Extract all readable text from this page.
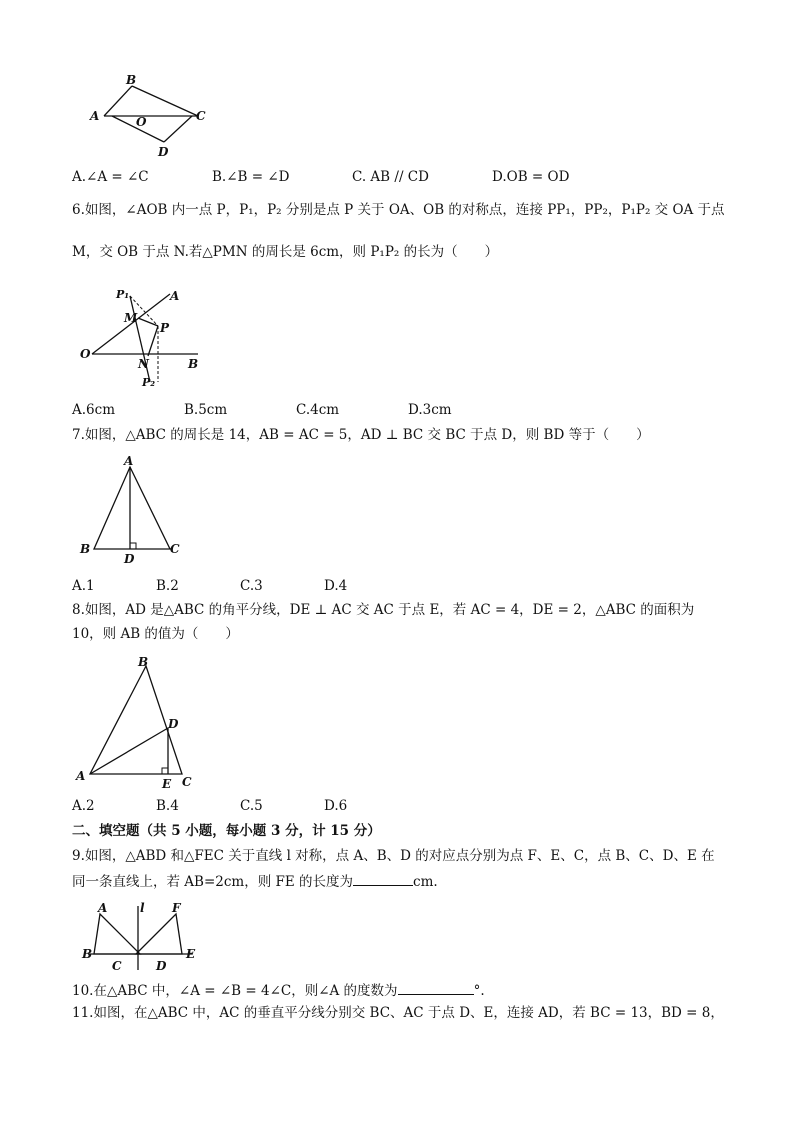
B
A	O	C
D
A.∠A = ∠C	B.∠B = ∠D	C. AB // CD	D.OB = OD
6.如图，∠AOB 内一点 P，P₁，P₂ 分别是点 P 关于 OA、OB 的对称点，连接 PP₁，PP₂，P₁P₂ 交 OA 于点
M，交 OB 于点 N.若△PMN 的周长是 6cm，则 P₁P₂ 的长为（　　）
P₁	A
M
P
O
N	B
P₂
A.6cm	B.5cm	C.4cm	D.3cm
7.如图，△ABC 的周长是 14，AB = AC = 5，AD ⊥ BC 交 BC 于点 D，则 BD 等于（　　）
A
B
D
C
A.1	B.2	C.3	D.4
8.如图，AD 是△ABC 的角平分线，DE ⊥ AC 交 AC 于点 E，若 AC = 4，DE = 2，△ABC 的面积为
10，则 AB 的值为（　　）
B
D
A
E C
A.2	B.4	C.5	D.6
二、填空题（共 5 小题，每小题 3 分，计 15 分）
9.如图，△ABD 和△FEC 关于直线 l 对称，点 A、B、D 的对应点分别为点 F、E、C，点 B、C、D、E 在
同一条直线上，若 AB=2cm，则 FE 的长度为	cm.
A	l F
B	E
C	D
10.在△ABC 中，∠A = ∠B = 4∠C，则∠A 的度数为	°.
11.如图，在△ABC 中，AC 的垂直平分线分别交 BC、AC 于点 D、E，连接 AD，若 BC = 13，BD = 8，
